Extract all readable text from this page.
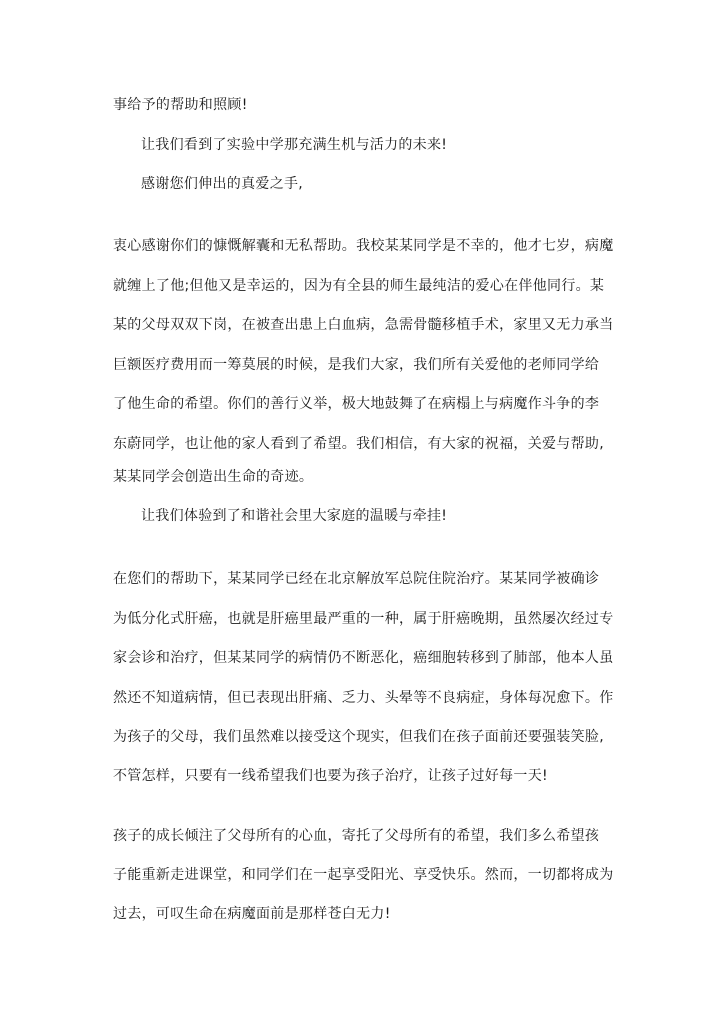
事给予的帮助和照顾!
让我们看到了实验中学那充满生机与活力的未来!
感谢您们伸出的真爱之手,
衷心感谢你们的慷慨解囊和无私帮助。我校某某同学是不幸的，他才七岁，病魔
就缠上了他;但他又是幸运的，因为有全县的师生最纯洁的爱心在伴他同行。某
某的父母双双下岗，在被查出患上白血病，急需骨髓移植手术，家里又无力承当
巨额医疗费用而一筹莫展的时候，是我们大家，我们所有关爱他的老师同学给
了他生命的希望。你们的善行义举，极大地鼓舞了在病榻上与病魔作斗争的李
东蔚同学，也让他的家人看到了希望。我们相信，有大家的祝福，关爱与帮助,
某某同学会创造出生命的奇迹。
让我们体验到了和谐社会里大家庭的温暖与牵挂!
在您们的帮助下，某某同学已经在北京解放军总院住院治疗。某某同学被确诊
为低分化式肝癌，也就是肝癌里最严重的一种，属于肝癌晚期，虽然屡次经过专
家会诊和治疗，但某某同学的病情仍不断恶化，癌细胞转移到了肺部，他本人虽
然还不知道病情，但已表现出肝痛、乏力、头晕等不良病症，身体每况愈下。作
为孩子的父母，我们虽然难以接受这个现实，但我们在孩子面前还要强装笑脸,
不管怎样，只要有一线希望我们也要为孩子治疗，让孩子过好每一天!
孩子的成长倾注了父母所有的心血，寄托了父母所有的希望，我们多么希望孩
子能重新走进课堂，和同学们在一起享受阳光、享受快乐。然而，一切都将成为
过去，可叹生命在病魔面前是那样苍白无力!
